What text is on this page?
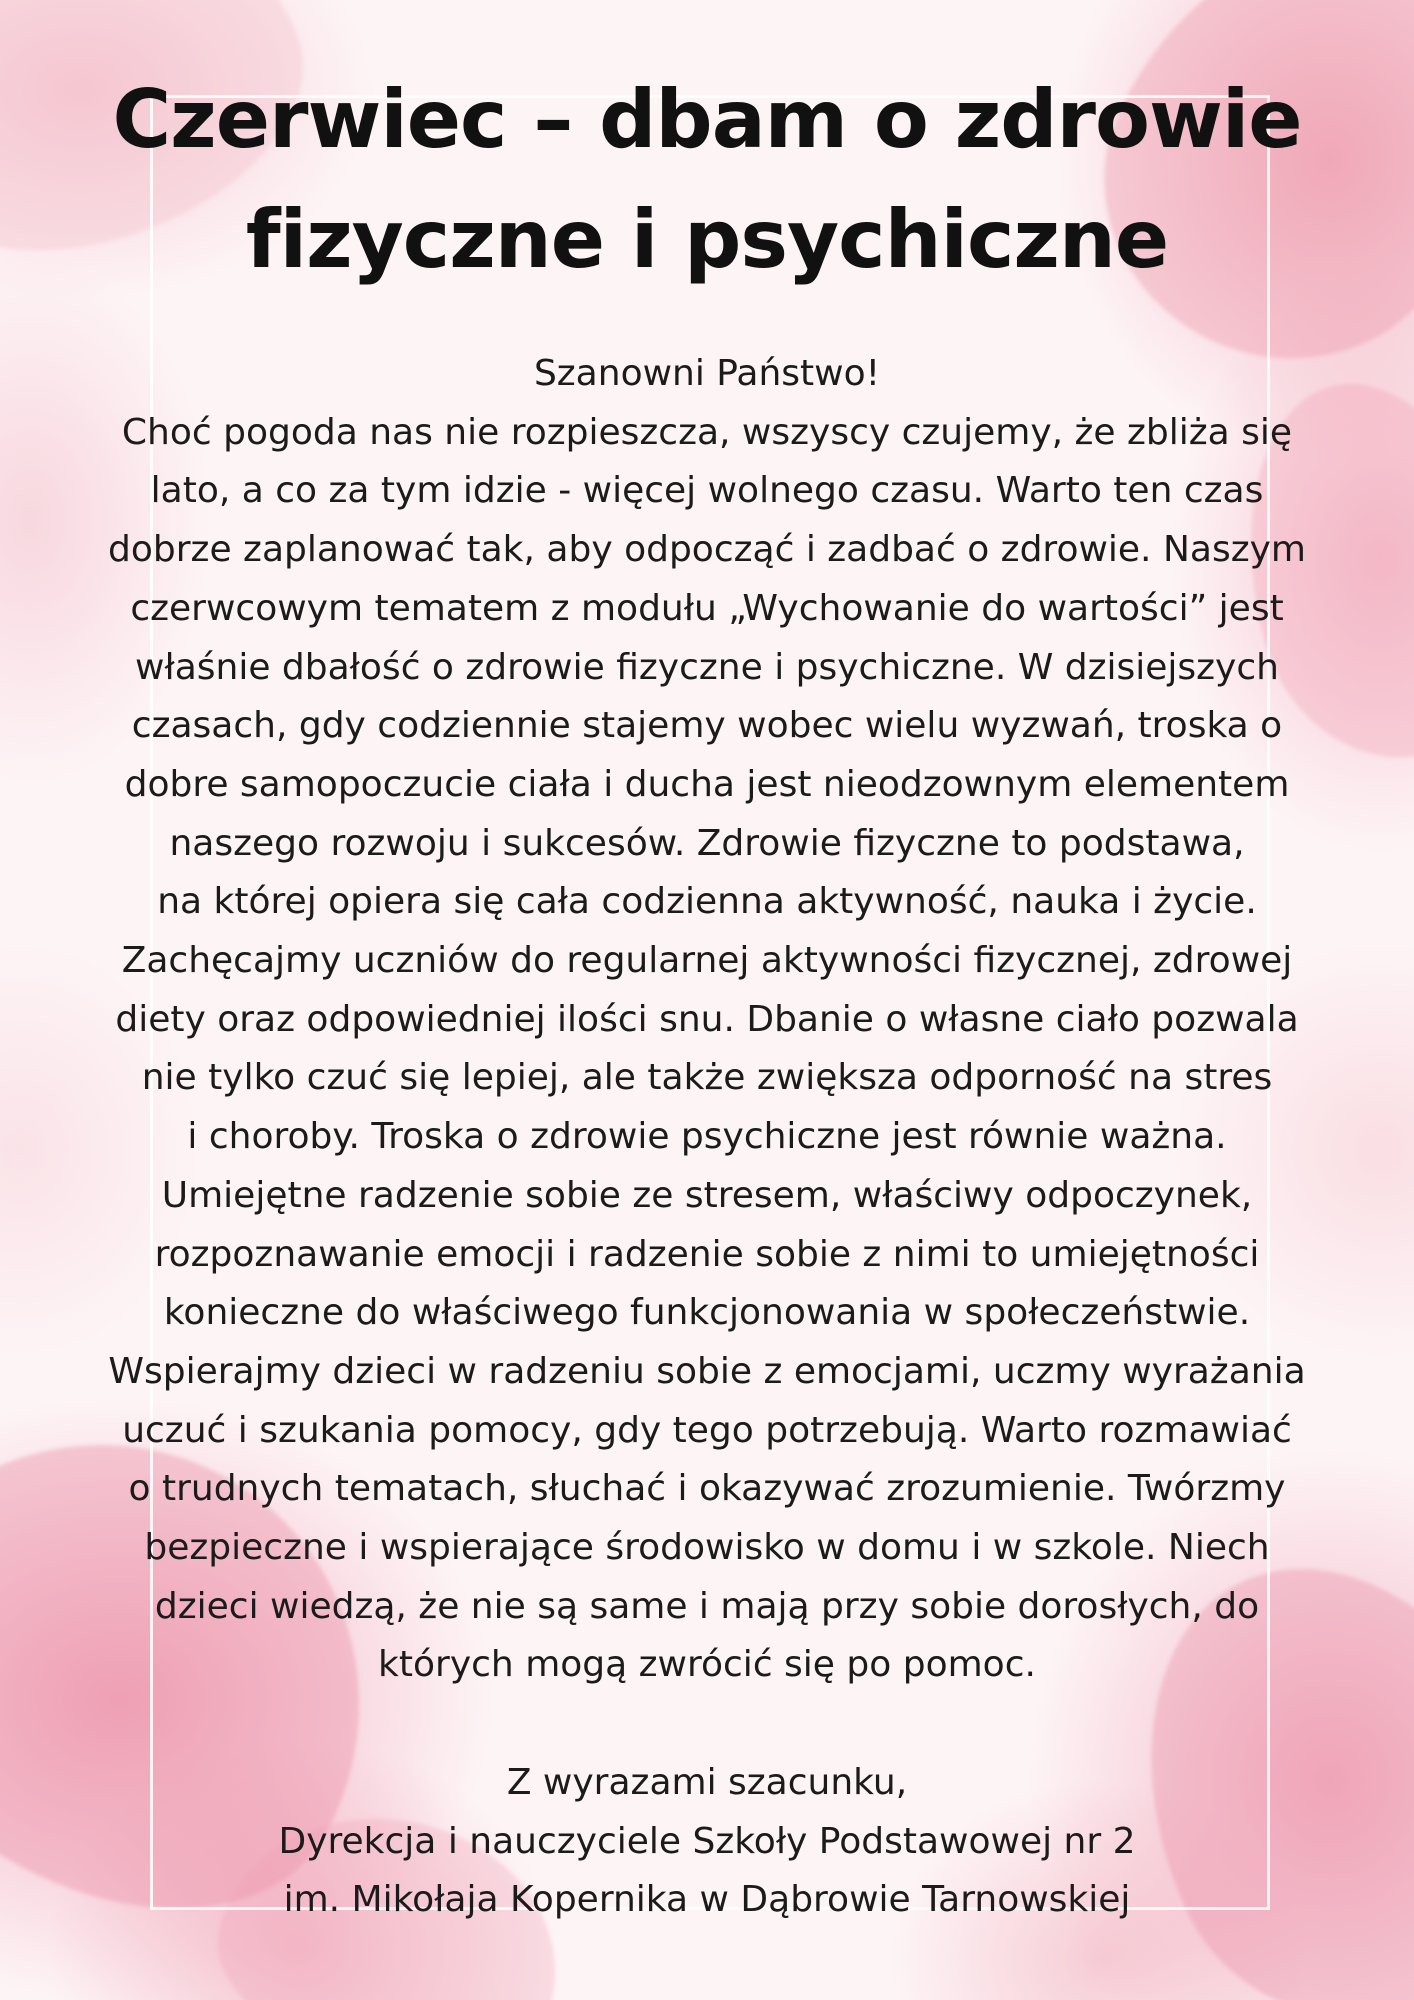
Czerwiec – dbam o zdrowie
fizyczne i psychiczne
Szanowni Państwo!
Choć pogoda nas nie rozpieszcza, wszyscy czujemy, że zbliża się
lato, a co za tym idzie - więcej wolnego czasu. Warto ten czas
dobrze zaplanować tak, aby odpocząć i zadbać o zdrowie. Naszym
czerwcowym tematem z modułu „Wychowanie do wartości” jest
właśnie dbałość o zdrowie fizyczne i psychiczne. W dzisiejszych
czasach, gdy codziennie stajemy wobec wielu wyzwań, troska o
dobre samopoczucie ciała i ducha jest nieodzownym elementem
naszego rozwoju i sukcesów. Zdrowie fizyczne to podstawa,
na której opiera się cała codzienna aktywność, nauka i życie.
Zachęcajmy uczniów do regularnej aktywności fizycznej, zdrowej
diety oraz odpowiedniej ilości snu. Dbanie o własne ciało pozwala
nie tylko czuć się lepiej, ale także zwiększa odporność na stres
i choroby. Troska o zdrowie psychiczne jest równie ważna.
Umiejętne radzenie sobie ze stresem, właściwy odpoczynek,
rozpoznawanie emocji i radzenie sobie z nimi to umiejętności
konieczne do właściwego funkcjonowania w społeczeństwie.
Wspierajmy dzieci w radzeniu sobie z emocjami, uczmy wyrażania
uczuć i szukania pomocy, gdy tego potrzebują. Warto rozmawiać
o trudnych tematach, słuchać i okazywać zrozumienie. Twórzmy
bezpieczne i wspierające środowisko w domu i w szkole. Niech
dzieci wiedzą, że nie są same i mają przy sobie dorosłych, do
których mogą zwrócić się po pomoc.
Z wyrazami szacunku,
Dyrekcja i nauczyciele Szkoły Podstawowej nr 2
im. Mikołaja Kopernika w Dąbrowie Tarnowskiej
